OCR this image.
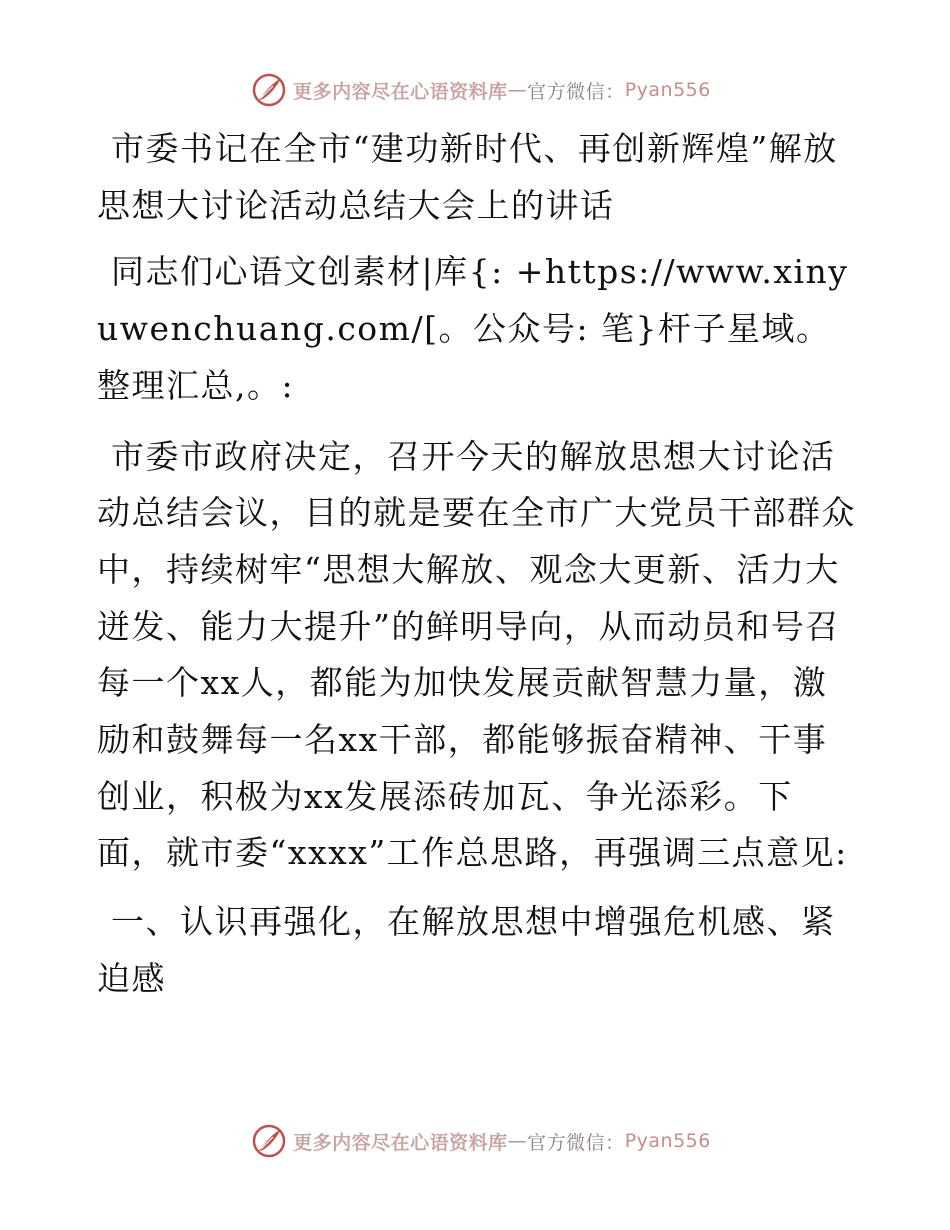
更多内容尽在心语资料库 — 官方微信： Pyan556

市委书记在全市“建功新时代、再创新辉煌”解放思想大讨论活动总结大会上的讲话

同志们心语文创素材|库{: +https://www.xinyuwenchuang.com/[。公众号: 笔}杆子星域。整理汇总,。:

市委市政府决定，召开今天的解放思想大讨论活动总结会议，目的就是要在全市广大党员干部群众中，持续树牢“思想大解放、观念大更新、活力大迸发、能力大提升”的鲜明导向，从而动员和号召每一个xx人，都能为加快发展贡献智慧力量，激励和鼓舞每一名xx干部，都能够振奋精神、干事创业，积极为xx发展添砖加瓦、争光添彩。下面，就市委“xxxx”工作总思路，再强调三点意见:

一、认识再强化，在解放思想中增强危机感、紧迫感

更多内容尽在心语资料库 — 官方微信： Pyan556
